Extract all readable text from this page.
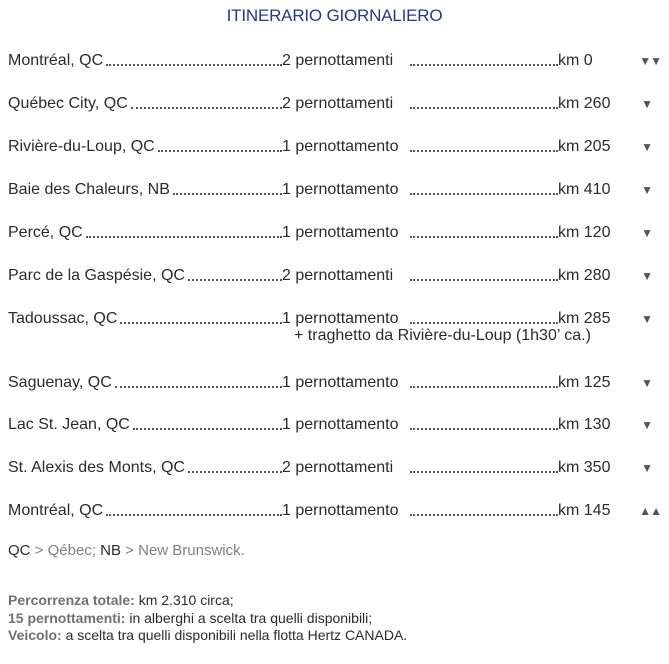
ITINERARIO GIORNALIERO
Montréal, QC	2 pernottamenti	km 0	▼▼
Québec City, QC	2 pernottamenti	km 260	▼
Rivière-du-Loup, QC	1 pernottamento	km 205	▼
Baie des Chaleurs, NB	1 pernottamento	km 410	▼
Percé, QC	1 pernottamento	km 120	▼
Parc de la Gaspésie, QC	2 pernottamenti	km 280	▼
Tadoussac, QC	1 pernottamento	km 285	▼
Saguenay, QC	1 pernottamento	km 125	▼
Lac St. Jean, QC	1 pernottamento	km 130	▼
St. Alexis des Monts, QC	2 pernottamenti	km 350	▼
Montréal, QC	1 pernottamento	km 145 ▲▲
+ traghetto da Rivière-du-Loup (1h30’ ca.)
QC > Qébec; NB > New Brunswick.
Percorrenza totale: km 2.310 circa;
15 pernottamenti: in alberghi a scelta tra quelli disponibili;
Veicolo: a scelta tra quelli disponibili nella flotta Hertz CANADA.
